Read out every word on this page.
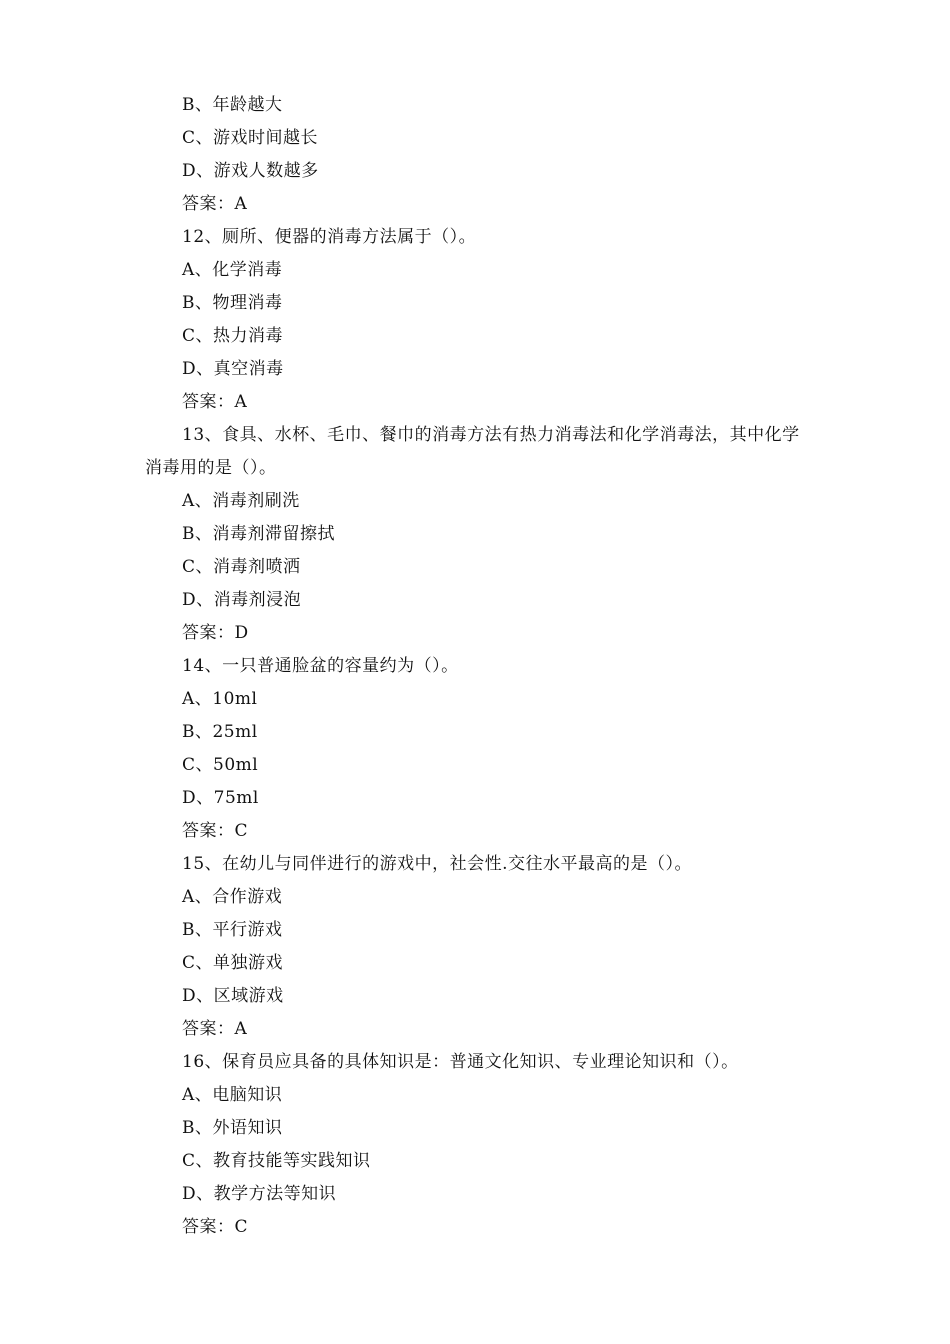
B、年龄越大
C、游戏时间越长
D、游戏人数越多
答案：A
12、厕所、便器的消毒方法属于（）。
A、化学消毒
B、物理消毒
C、热力消毒
D、真空消毒
答案：A
13、食具、水杯、毛巾、餐巾的消毒方法有热力消毒法和化学消毒法，其中化学
消毒用的是（）。
A、消毒剂刷洗
B、消毒剂滞留擦拭
C、消毒剂喷洒
D、消毒剂浸泡
答案：D
14、一只普通脸盆的容量约为（）。
A、10ml
B、25ml
C、50ml
D、75ml
答案：C
15、在幼儿与同伴进行的游戏中，社会性.交往水平最高的是（）。
A、合作游戏
B、平行游戏
C、单独游戏
D、区域游戏
答案：A
16、保育员应具备的具体知识是：普通文化知识、专业理论知识和（）。
A、电脑知识
B、外语知识
C、教育技能等实践知识
D、教学方法等知识
答案：C
